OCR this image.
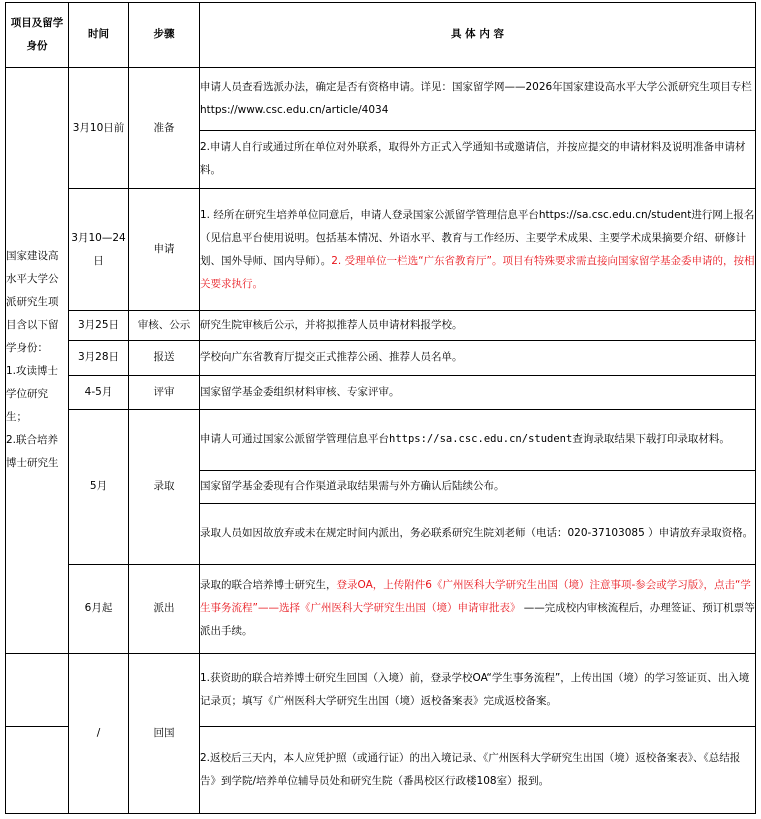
项目及留学身份	时间	步骤	具 体 内 容

国家建设高水平大学公派研究生项目含以下留学身份：
1.攻读博士学位研究生；
2.联合培养博士研究生	3月10日前	准备	申请人员查看选派办法，确定是否有资格申请。详见：国家留学网——2026年国家建设高水平大学公派研究生项目专栏https://www.csc.edu.cn/article/4034
			2.申请人自行或通过所在单位对外联系，取得外方正式入学通知书或邀请信，并按应提交的申请材料及说明准备申请材料。
	3月10—24日	申请	1. 经所在研究生培养单位同意后，申请人登录国家公派留学管理信息平台https://sa.csc.edu.cn/student进行网上报名（见信息平台使用说明。包括基本情况、外语水平、教育与工作经历、主要学术成果、主要学术成果摘要介绍、研修计划、国外导师、国内导师）。2. 受理单位一栏选“广东省教育厅”。项目有特殊要求需直接向国家留学基金委申请的，按相关要求执行。
	3月25日	审核、公示	研究生院审核后公示，并将拟推荐人员申请材料报学校。
	3月28日	报送	学校向广东省教育厅提交正式推荐公函、推荐人员名单。
	4-5月	评审	国家留学基金委组织材料审核、专家评审。
	5月	录取	申请人可通过国家公派留学管理信息平台https://sa.csc.edu.cn/student查询录取结果下载打印录取材料。
			国家留学基金委现有合作渠道录取结果需与外方确认后陆续公布。
			录取人员如因故放弃或未在规定时间内派出，务必联系研究生院刘老师（电话：020-37103085 ）申请放弃录取资格。
	6月起	派出	录取的联合培养博士研究生，登录OA，上传附件6《广州医科大学研究生出国（境）注意事项-参会或学习版》，点击“学生事务流程”——选择《广州医科大学研究生出国（境）申请审批表》 ——完成校内审核流程后，办理签证、预订机票等派出手续。
	/	回国	1.获资助的联合培养博士研究生回国（入境）前，登录学校OA“学生事务流程”，上传出国（境）的学习签证页、出入境记录页；填写《广州医科大学研究生出国（境）返校备案表》完成返校备案。
			2.返校后三天内，本人应凭护照（或通行证）的出入境记录、《广州医科大学研究生出国（境）返校备案表》、《总结报告》到学院/培养单位辅导员处和研究生院（番禺校区行政楼108室）报到。
